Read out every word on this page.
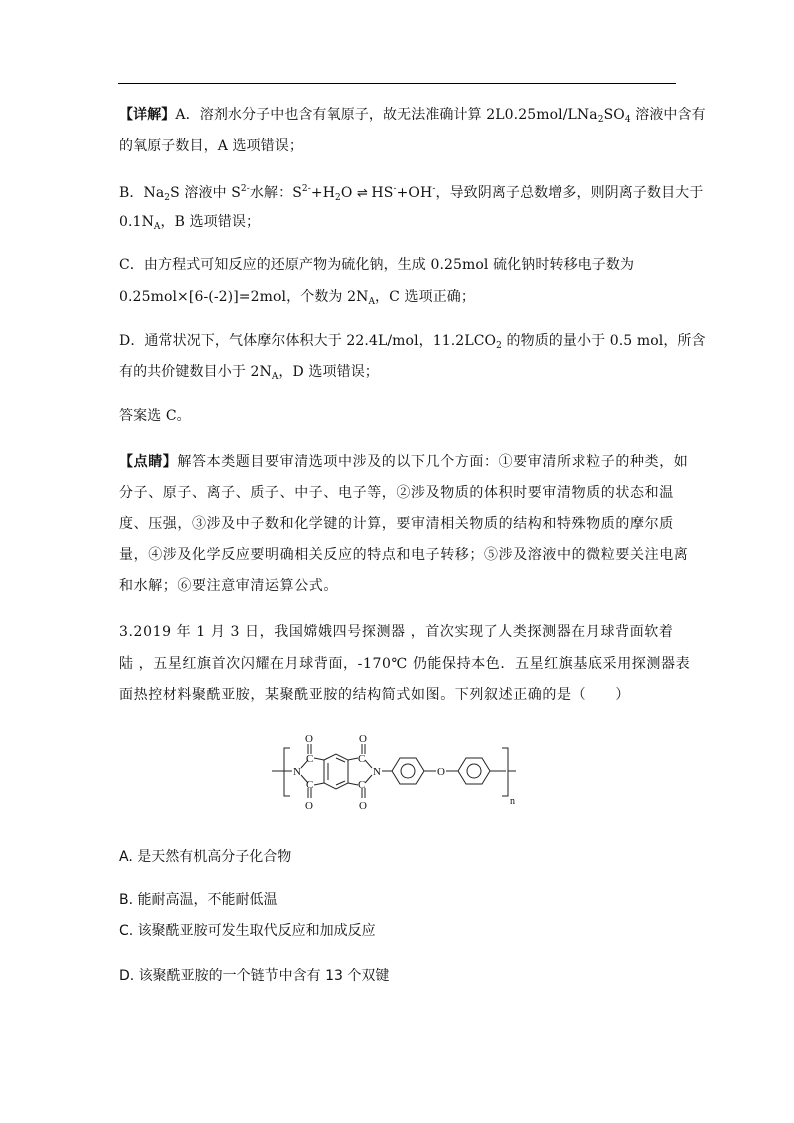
【详解】A．溶剂水分子中也含有氧原子，故无法准确计算 $2L0.25mol/LNa_2SO_4$ 溶液中含有
的氧原子数目，A 选项错误；
B．$Na_2S$ 溶液中 $S^{2-}$水解：$S^{2-}+H_2O$ ⇌ HS-+OH-，导致阴离子总数增多，则阴离子数目大于
$0.1N_A$，B 选项错误；
C．由方程式可知反应的还原产物为硫化钠，生成 0.25mol 硫化钠时转移电子数为
0.25mol×[6-(-2)]=2mol，个数为 $2N_A$，C 选项正确；
D．通常状况下，气体摩尔体积大于 22.4L/mol，$11.2LCO_2$ 的物质的量小于 0.5 mol，所含
有的共价键数目小于 $2N_A$，D 选项错误；
答案选 C。
【点睛】解答本类题目要审清选项中涉及的以下几个方面：①要审清所求粒子的种类，如
分子、原子、离子、质子、中子、电子等，②涉及物质的体积时要审清物质的状态和温
度、压强，③涉及中子数和化学键的计算，要审清相关物质的结构和特殊物质的摩尔质
量，④涉及化学反应要明确相关反应的特点和电子转移；⑤涉及溶液中的微粒要关注电离
和水解；⑥要注意审清运算公式。
3.2019 年 1 月 3 日，我国嫦娥四号探测器 ，首次实现了人类探测器在月球背面软着
陆 ，五星红旗首次闪耀在月球背面，-170℃ 仍能保持本色．五星红旗基底采用探测器表
面热控材料聚酰亚胺，某聚酰亚胺的结构简式如图。下列叙述正确的是（　　）
N
C
C
O
O
C
C
O
O
N	O
n
A. 是天然有机高分子化合物
B. 能耐高温，不能耐低温
C. 该聚酰亚胺可发生取代反应和加成反应
D. 该聚酰亚胺的一个链节中含有 13 个双键
